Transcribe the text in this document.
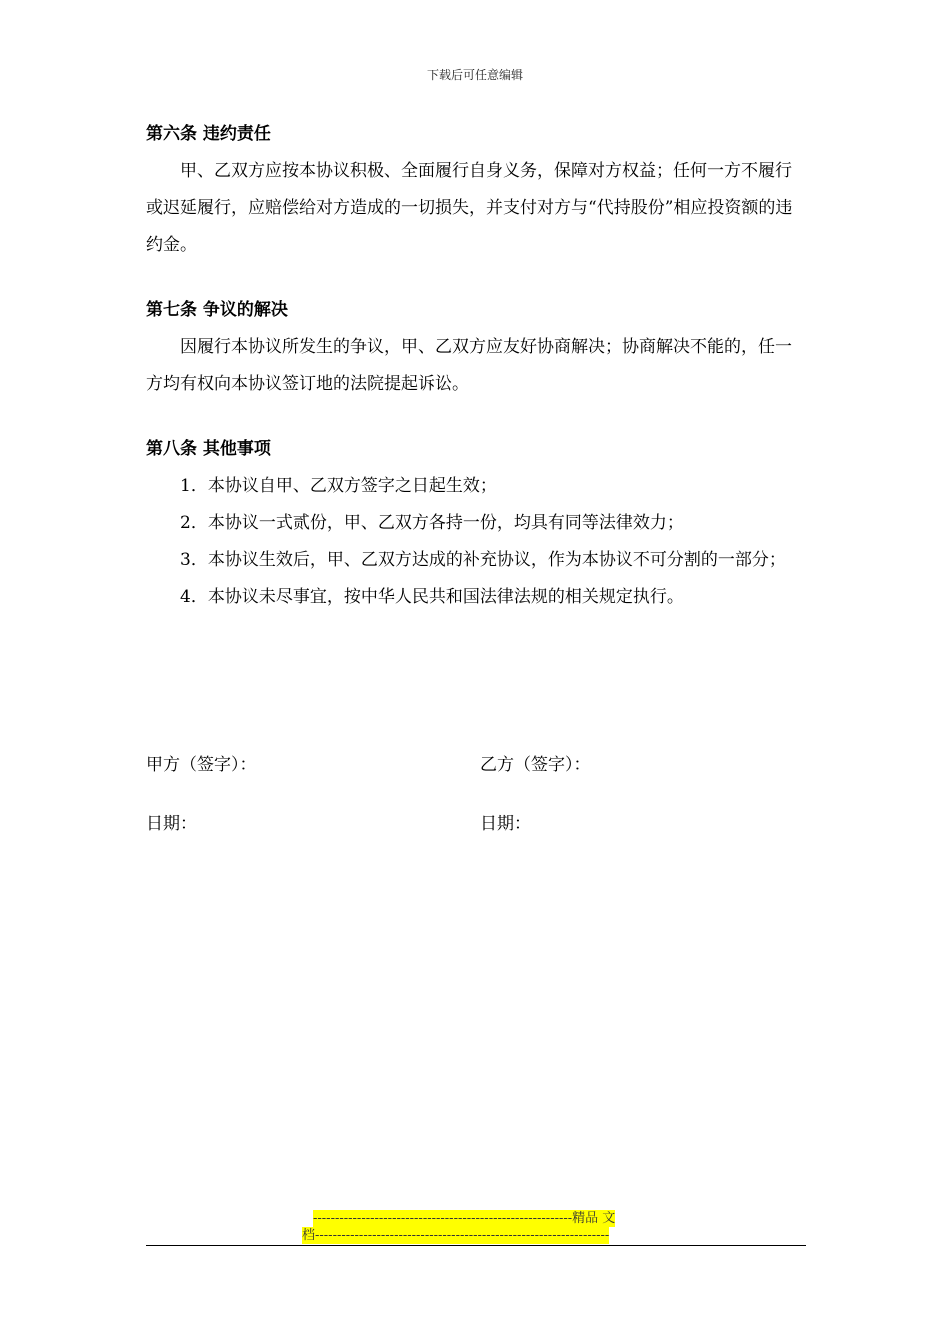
下载后可任意编辑

第六条 违约责任

甲、乙双方应按本协议积极、全面履行自身义务，保障对方权益；任何一方不履行或迟延履行，应赔偿给对方造成的一切损失，并支付对方与“代持股份”相应投资额的违约金。

第七条 争议的解决

因履行本协议所发生的争议，甲、乙双方应友好协商解决；协商解决不能的，任一方均有权向本协议签订地的法院提起诉讼。

第八条 其他事项

1．本协议自甲、乙双方签字之日起生效；

2．本协议一式贰份，甲、乙双方各持一份，均具有同等法律效力；

3．本协议生效后，甲、乙双方达成的补充协议，作为本协议不可分割的一部分；

4．本协议未尽事宜，按中华人民共和国法律法规的相关规定执行。

甲方（签字）：	乙方（签字）：
日期：	日期：
-----------------------------------------------------------精品 文
档-------------------------------------------------------------------
